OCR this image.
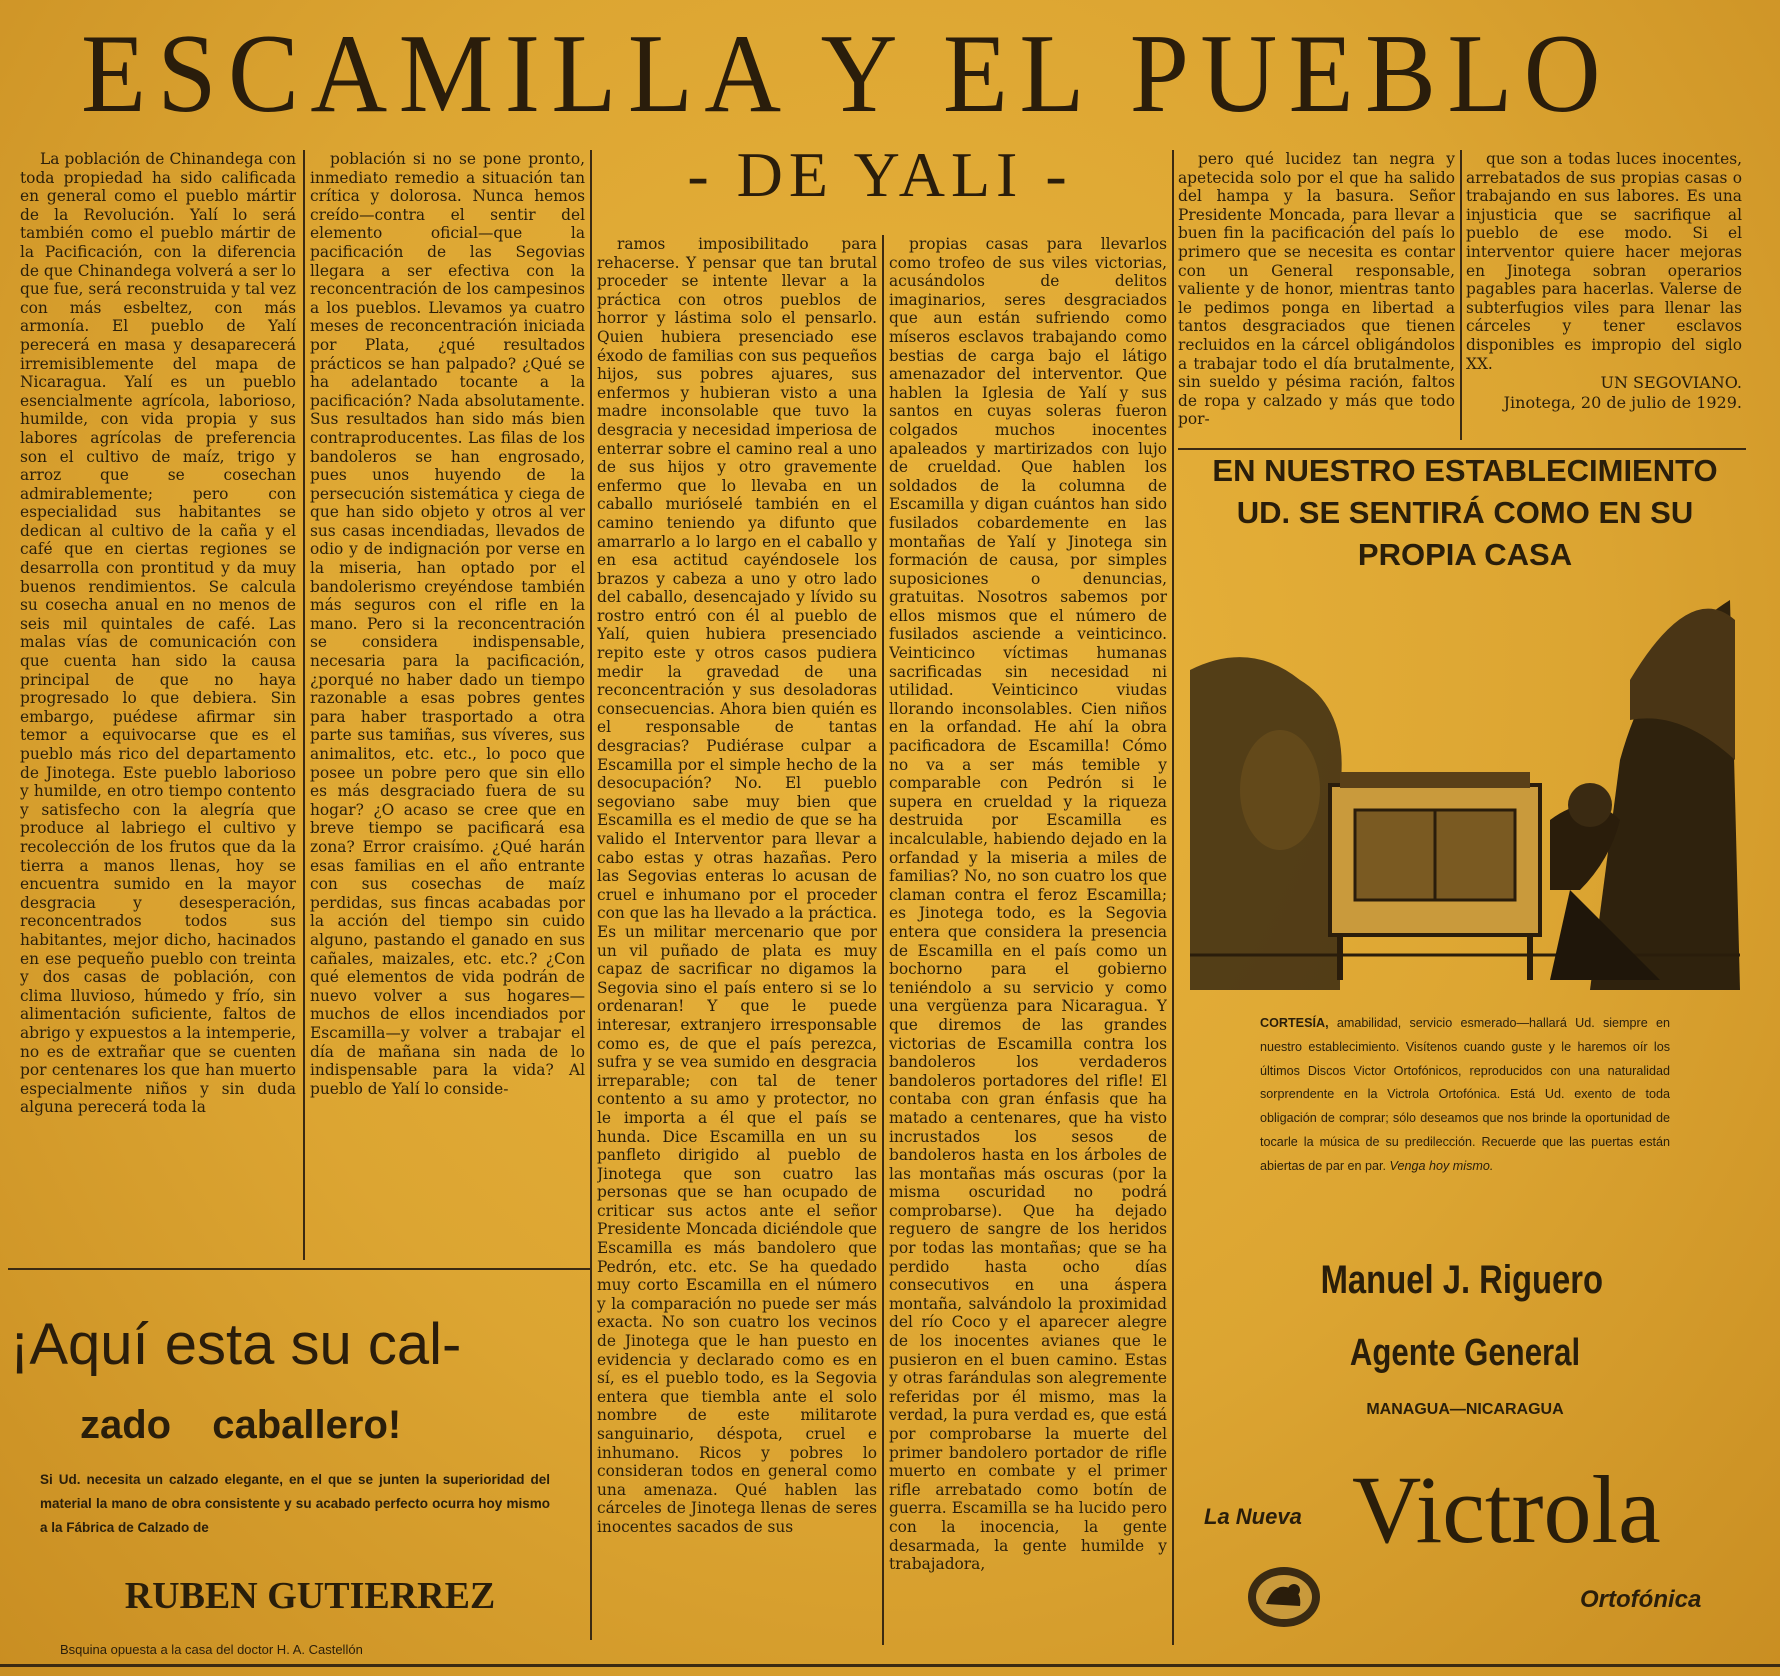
ESCAMILLA Y EL PUEBLO
- DE YALI -

La población de Chinandega con toda propiedad ha sido calificada en general como el pueblo mártir de la Revolución. Yalí lo será también como el pueblo mártir de la Pacificación, con la diferencia de que Chinandega volverá a ser lo que fue, será reconstruida y tal vez con más esbeltez, con más armonía. El pueblo de Yalí perecerá en masa y desaparecerá irremisiblemente del mapa de Nicaragua. Yalí es un pueblo esencialmente agrícola, laborioso, humilde, con vida propia y sus labores agrícolas de preferencia son el cultivo de maíz, trigo y arroz que se cosechan admirablemente; pero con especialidad sus habitantes se dedican al cultivo de la caña y el café que en ciertas regiones se desarrolla con prontitud y da muy buenos rendimientos. Se calcula su cosecha anual en no menos de seis mil quintales de café. Las malas vías de comunicación con que cuenta han sido la causa principal de que no haya progresado lo que debiera. Sin embargo, puédese afirmar sin temor a equivocarse que es el pueblo más rico del departamento de Jinotega. Este pueblo laborioso y humilde, en otro tiempo contento y satisfecho con la alegría que produce al labriego el cultivo y recolección de los frutos que da la tierra a manos llenas, hoy se encuentra sumido en la mayor desgracia y desesperación, reconcentrados todos sus habitantes, mejor dicho, hacinados en ese pequeño pueblo con treinta y dos casas de población, con clima lluvioso, húmedo y frío, sin alimentación suficiente, faltos de abrigo y expuestos a la intemperie, no es de extrañar que se cuenten por centenares los que han muerto especialmente niños y sin duda alguna perecerá toda la

población si no se pone pronto, inmediato remedio a situación tan crítica y dolorosa. Nunca hemos creído—contra el sentir del elemento oficial—que la pacificación de las Segovias llegara a ser efectiva con la reconcentración de los campesinos a los pueblos. Llevamos ya cuatro meses de reconcentración iniciada por Plata, ¿qué resultados prácticos se han palpado? ¿Qué se ha adelantado tocante a la pacificación? Nada absolutamente. Sus resultados han sido más bien contraproducentes. Las filas de los bandoleros se han engrosado, pues unos huyendo de la persecución sistemática y ciega de que han sido objeto y otros al ver sus casas incendiadas, llevados de odio y de indignación por verse en la miseria, han optado por el bandolerismo creyéndose también más seguros con el rifle en la mano. Pero si la reconcentración se considera indispensable, necesaria para la pacificación, ¿porqué no haber dado un tiempo razonable a esas pobres gentes para haber trasportado a otra parte sus tamiñas, sus víveres, sus animalitos, etc. etc., lo poco que posee un pobre pero que sin ello es más desgraciado fuera de su hogar? ¿O acaso se cree que en breve tiempo se pacificará esa zona? Error craisímo. ¿Qué harán esas familias en el año entrante con sus cosechas de maíz perdidas, sus fincas acabadas por la acción del tiempo sin cuido alguno, pastando el ganado en sus cañales, maizales, etc. etc.? ¿Con qué elementos de vida podrán de nuevo volver a sus hogares—muchos de ellos incendiados por Escamilla—y volver a trabajar el día de mañana sin nada de lo indispensable para la vida? Al pueblo de Yalí lo conside-

ramos imposibilitado para rehacerse. Y pensar que tan brutal proceder se intente llevar a la práctica con otros pueblos de horror y lástima solo el pensarlo. Quien hubiera presenciado ese éxodo de familias con sus pequeños hijos, sus pobres ajuares, sus enfermos y hubieran visto a una madre inconsolable que tuvo la desgracia y necesidad imperiosa de enterrar sobre el camino real a uno de sus hijos y otro gravemente enfermo que lo llevaba en un caballo murióselé también en el camino teniendo ya difunto que amarrarlo a lo largo en el caballo y en esa actitud cayéndosele los brazos y cabeza a uno y otro lado del caballo, desencajado y lívido su rostro entró con él al pueblo de Yalí, quien hubiera presenciado repito este y otros casos pudiera medir la gravedad de una reconcentración y sus desoladoras consecuencias. Ahora bien quién es el responsable de tantas desgracias? Pudiérase culpar a Escamilla por el simple hecho de la desocupación? No. El pueblo segoviano sabe muy bien que Escamilla es el medio de que se ha valido el Interventor para llevar a cabo estas y otras hazañas. Pero las Segovias enteras lo acusan de cruel e inhumano por el proceder con que las ha llevado a la práctica. Es un militar mercenario que por un vil puñado de plata es muy capaz de sacrificar no digamos la Segovia sino el país entero si se lo ordenaran! Y que le puede interesar, extranjero irresponsable como es, de que el país perezca, sufra y se vea sumido en desgracia irreparable; con tal de tener contento a su amo y protector, no le importa a él que el país se hunda. Dice Escamilla en un su panfleto dirigido al pueblo de Jinotega que son cuatro las personas que se han ocupado de criticar sus actos ante el señor Presidente Moncada diciéndole que Escamilla es más bandolero que Pedrón, etc. etc. Se ha quedado muy corto Escamilla en el número y la comparación no puede ser más exacta. No son cuatro los vecinos de Jinotega que le han puesto en evidencia y declarado como es en sí, es el pueblo todo, es la Segovia entera que tiembla ante el solo nombre de este militarote sanguinario, déspota, cruel e inhumano. Ricos y pobres lo consideran todos en general como una amenaza. Qué hablen las cárceles de Jinotega llenas de seres inocentes sacados de sus

propias casas para llevarlos como trofeo de sus viles victorias, acusándolos de delitos imaginarios, seres desgraciados que aun están sufriendo como míseros esclavos trabajando como bestias de carga bajo el látigo amenazador del interventor. Que hablen la Iglesia de Yalí y sus santos en cuyas soleras fueron colgados muchos inocentes apaleados y martirizados con lujo de crueldad. Que hablen los soldados de la columna de Escamilla y digan cuántos han sido fusilados cobardemente en las montañas de Yalí y Jinotega sin formación de causa, por simples suposiciones o denuncias, gratuitas. Nosotros sabemos por ellos mismos que el número de fusilados asciende a veinticinco. Veinticinco víctimas humanas sacrificadas sin necesidad ni utilidad. Veinticinco viudas llorando inconsolables. Cien niños en la orfandad. He ahí la obra pacificadora de Escamilla! Cómo no va a ser más temible y comparable con Pedrón si le supera en crueldad y la riqueza destruida por Escamilla es incalculable, habiendo dejado en la orfandad y la miseria a miles de familias? No, no son cuatro los que claman contra el feroz Escamilla; es Jinotega todo, es la Segovia entera que considera la presencia de Escamilla en el país como un bochorno para el gobierno teniéndolo a su servicio y como una vergüenza para Nicaragua. Y que diremos de las grandes victorias de Escamilla contra los bandoleros los verdaderos bandoleros portadores del rifle! El contaba con gran énfasis que ha matado a centenares, que ha visto incrustados los sesos de bandoleros hasta en los árboles de las montañas más oscuras (por la misma oscuridad no podrá comprobarse). Que ha dejado reguero de sangre de los heridos por todas las montañas; que se ha perdido hasta ocho días consecutivos en una áspera montaña, salvándolo la proximidad del río Coco y el aparecer alegre de los inocentes avianes que le pusieron en el buen camino. Estas y otras farándulas son alegremente referidas por él mismo, mas la verdad, la pura verdad es, que está por comprobarse la muerte del primer bandolero portador de rifle muerto en combate y el primer rifle arrebatado como botín de guerra. Escamilla se ha lucido pero con la inocencia, la gente desarmada, la gente humilde y trabajadora,

pero qué lucidez tan negra y apetecida solo por el que ha salido del hampa y la basura. Señor Presidente Moncada, para llevar a buen fin la pacificación del país lo primero que se necesita es contar con un General responsable, valiente y de honor, mientras tanto le pedimos ponga en libertad a tantos desgraciados que tienen recluidos en la cárcel obligándolos a trabajar todo el día brutalmente, sin sueldo y pésima ración, faltos de ropa y calzado y más que todo por-

que son a todas luces inocentes, arrebatados de sus propias casas o trabajando en sus labores. Es una injusticia que se sacrifique al pueblo de ese modo. Si el interventor quiere hacer mejoras en Jinotega sobran operarios pagables para hacerlas. Valerse de subterfugios viles para llenar las cárceles y tener esclavos disponibles es impropio del siglo XX.

UN SEGOVIANO.
Jinotega, 20 de julio de 1929.
¡Aquí esta su cal-
zado caballero!
Si Ud. necesita un calzado elegante, en el que se junten la superioridad del material la mano de obra consistente y su acabado perfecto ocurra hoy mismo a la Fábrica de Calzado de
RUBEN GUTIERREZ
Bsquina opuesta a la casa del doctor H. A. Castellón
EN NUESTRO ESTABLECIMIENTO UD. SE SENTIRÁ COMO EN SU PROPIA CASA

CORTESÍA, amabilidad, servicio esmerado—hallará Ud. siempre en nuestro establecimiento. Visítenos cuando guste y le haremos oír los últimos Discos Victor Ortofónicos, reproducidos con una naturalidad sorprendente en la Victrola Ortofónica. Está Ud. exento de toda obligación de comprar; sólo deseamos que nos brinde la oportunidad de tocarle la música de su predilección. Recuerde que las puertas están abiertas de par en par. Venga hoy mismo.

Manuel J. Riguero
Agente General
MANAGUA—NICARAGUA
La Nueva Victrola
Ortofónica
